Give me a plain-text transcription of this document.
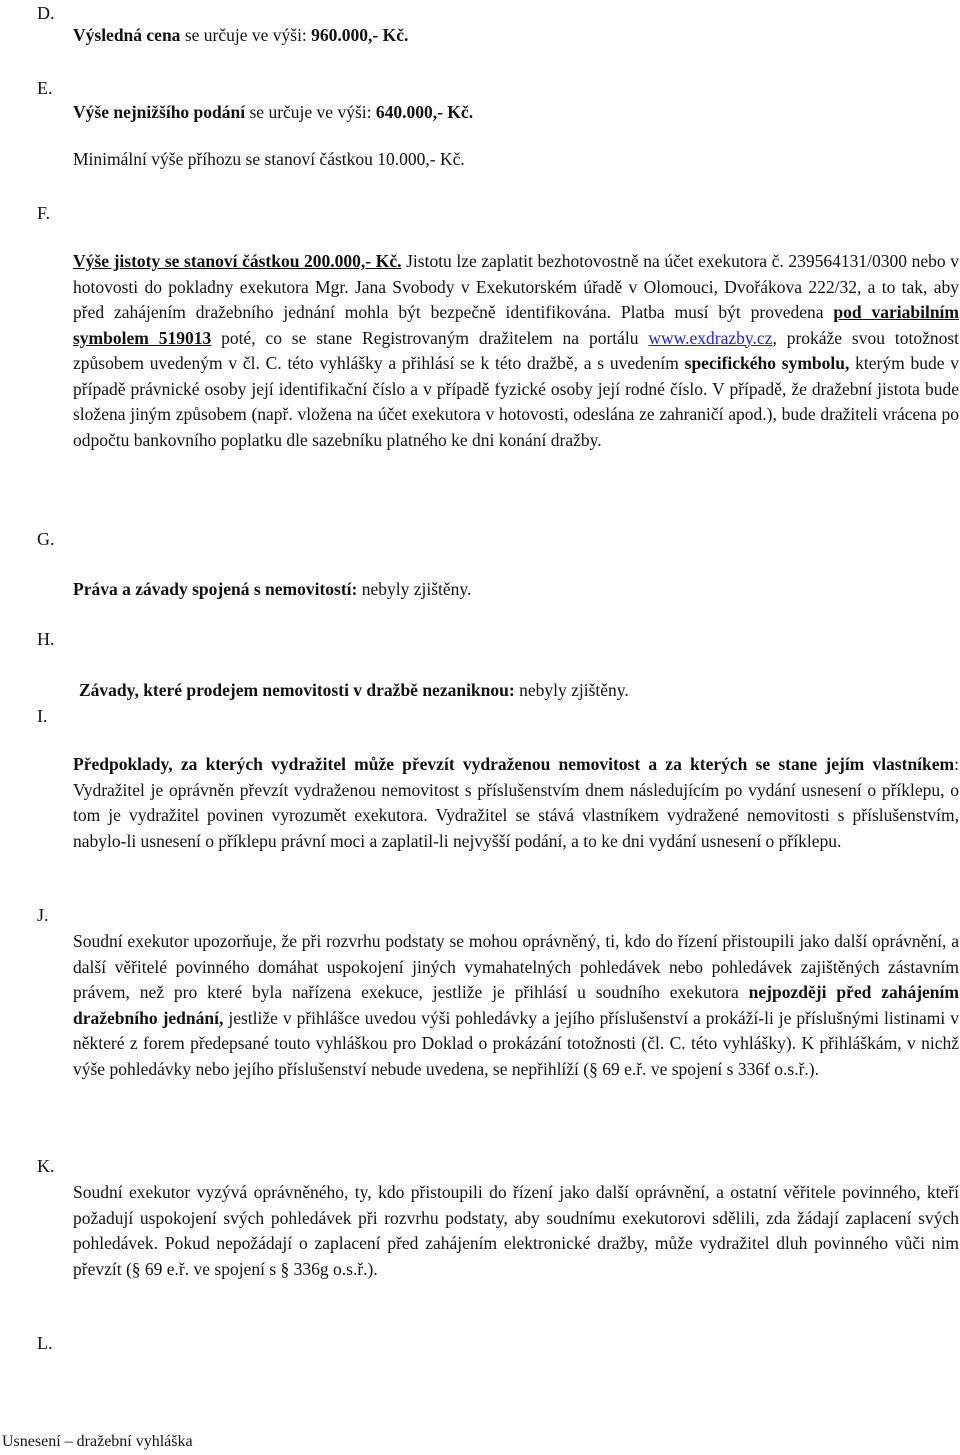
D.
E.
F.
G.
H.
I.
J.
K.
L.
Výsledná cena se určuje ve výši: 960.000,- Kč.
Výše nejnižšího podání se určuje ve výši: 640.000,- Kč.
Minimální výše příhozu se stanoví částkou 10.000,- Kč.
Výše jistoty se stanoví částkou 200.000,- Kč. Jistotu lze zaplatit bezhotovostně na účet exekutora č. 239564131/0300 nebo v hotovosti do pokladny exekutora Mgr. Jana Svobody v Exekutorském úřadě v Olomouci, Dvořákova 222/32, a to tak, aby před zahájením dražebního jednání mohla být bezpečně identifikována. Platba musí být provedena pod variabilním symbolem 519013 poté, co se stane Registrovaným dražitelem na portálu www.exdrazby.cz, prokáže svou totožnost způsobem uvedeným v čl. C. této vyhlášky a přihlásí se k této dražbě, a s uvedením specifického symbolu, kterým bude v případě právnické osoby její identifikační číslo a v případě fyzické osoby její rodné číslo. V případě, že dražební jistota bude složena jiným způsobem (např. vložena na účet exekutora v hotovosti, odeslána ze zahraničí apod.), bude dražiteli vrácena po odpočtu bankovního poplatku dle sazebníku platného ke dni konání dražby.
Práva a závady spojená s nemovitostí: nebyly zjištěny.
Závady, které prodejem nemovitosti v dražbě nezaniknou: nebyly zjištěny.
Předpoklady, za kterých vydražitel může převzít vydraženou nemovitost a za kterých se stane jejím vlastníkem: Vydražitel je oprávněn převzít vydraženou nemovitost s příslušenstvím dnem následujícím po vydání usnesení o příklepu, o tom je vydražitel povinen vyrozumět exekutora. Vydražitel se stává vlastníkem vydražené nemovitosti s příslušenstvím, nabylo-li usnesení o příklepu právní moci a zaplatil-li nejvyšší podání, a to ke dni vydání usnesení o příklepu.
Soudní exekutor upozorňuje, že při rozvrhu podstaty se mohou oprávněný, ti, kdo do řízení přistoupili jako další oprávnění, a další věřitelé povinného domáhat uspokojení jiných vymahatelných pohledávek nebo pohledávek zajištěných zástavním právem, než pro které byla nařízena exekuce, jestliže je přihlásí u soudního exekutora nejpozději před zahájením dražebního jednání, jestliže v přihlášce uvedou výši pohledávky a jejího příslušenství a prokáží-li je příslušnými listinami v některé z forem předepsané touto vyhláškou pro Doklad o prokázání totožnosti (čl. C. této vyhlášky). K přihláškám, v nichž výše pohledávky nebo jejího příslušenství nebude uvedena, se nepřihlíží (§ 69 e.ř. ve spojení s 336f o.s.ř.).
Soudní exekutor vyzývá oprávněného, ty, kdo přistoupili do řízení jako další oprávnění, a ostatní věřitele povinného, kteří požadují uspokojení svých pohledávek při rozvrhu podstaty, aby soudnímu exekutorovi sdělili, zda žádají zaplacení svých pohledávek. Pokud nepožádají o zaplacení před zahájením elektronické dražby, může vydražitel dluh povinného vůči nim převzít (§ 69 e.ř. ve spojení s § 336g o.s.ř.).
Usnesení – dražební vyhláška
